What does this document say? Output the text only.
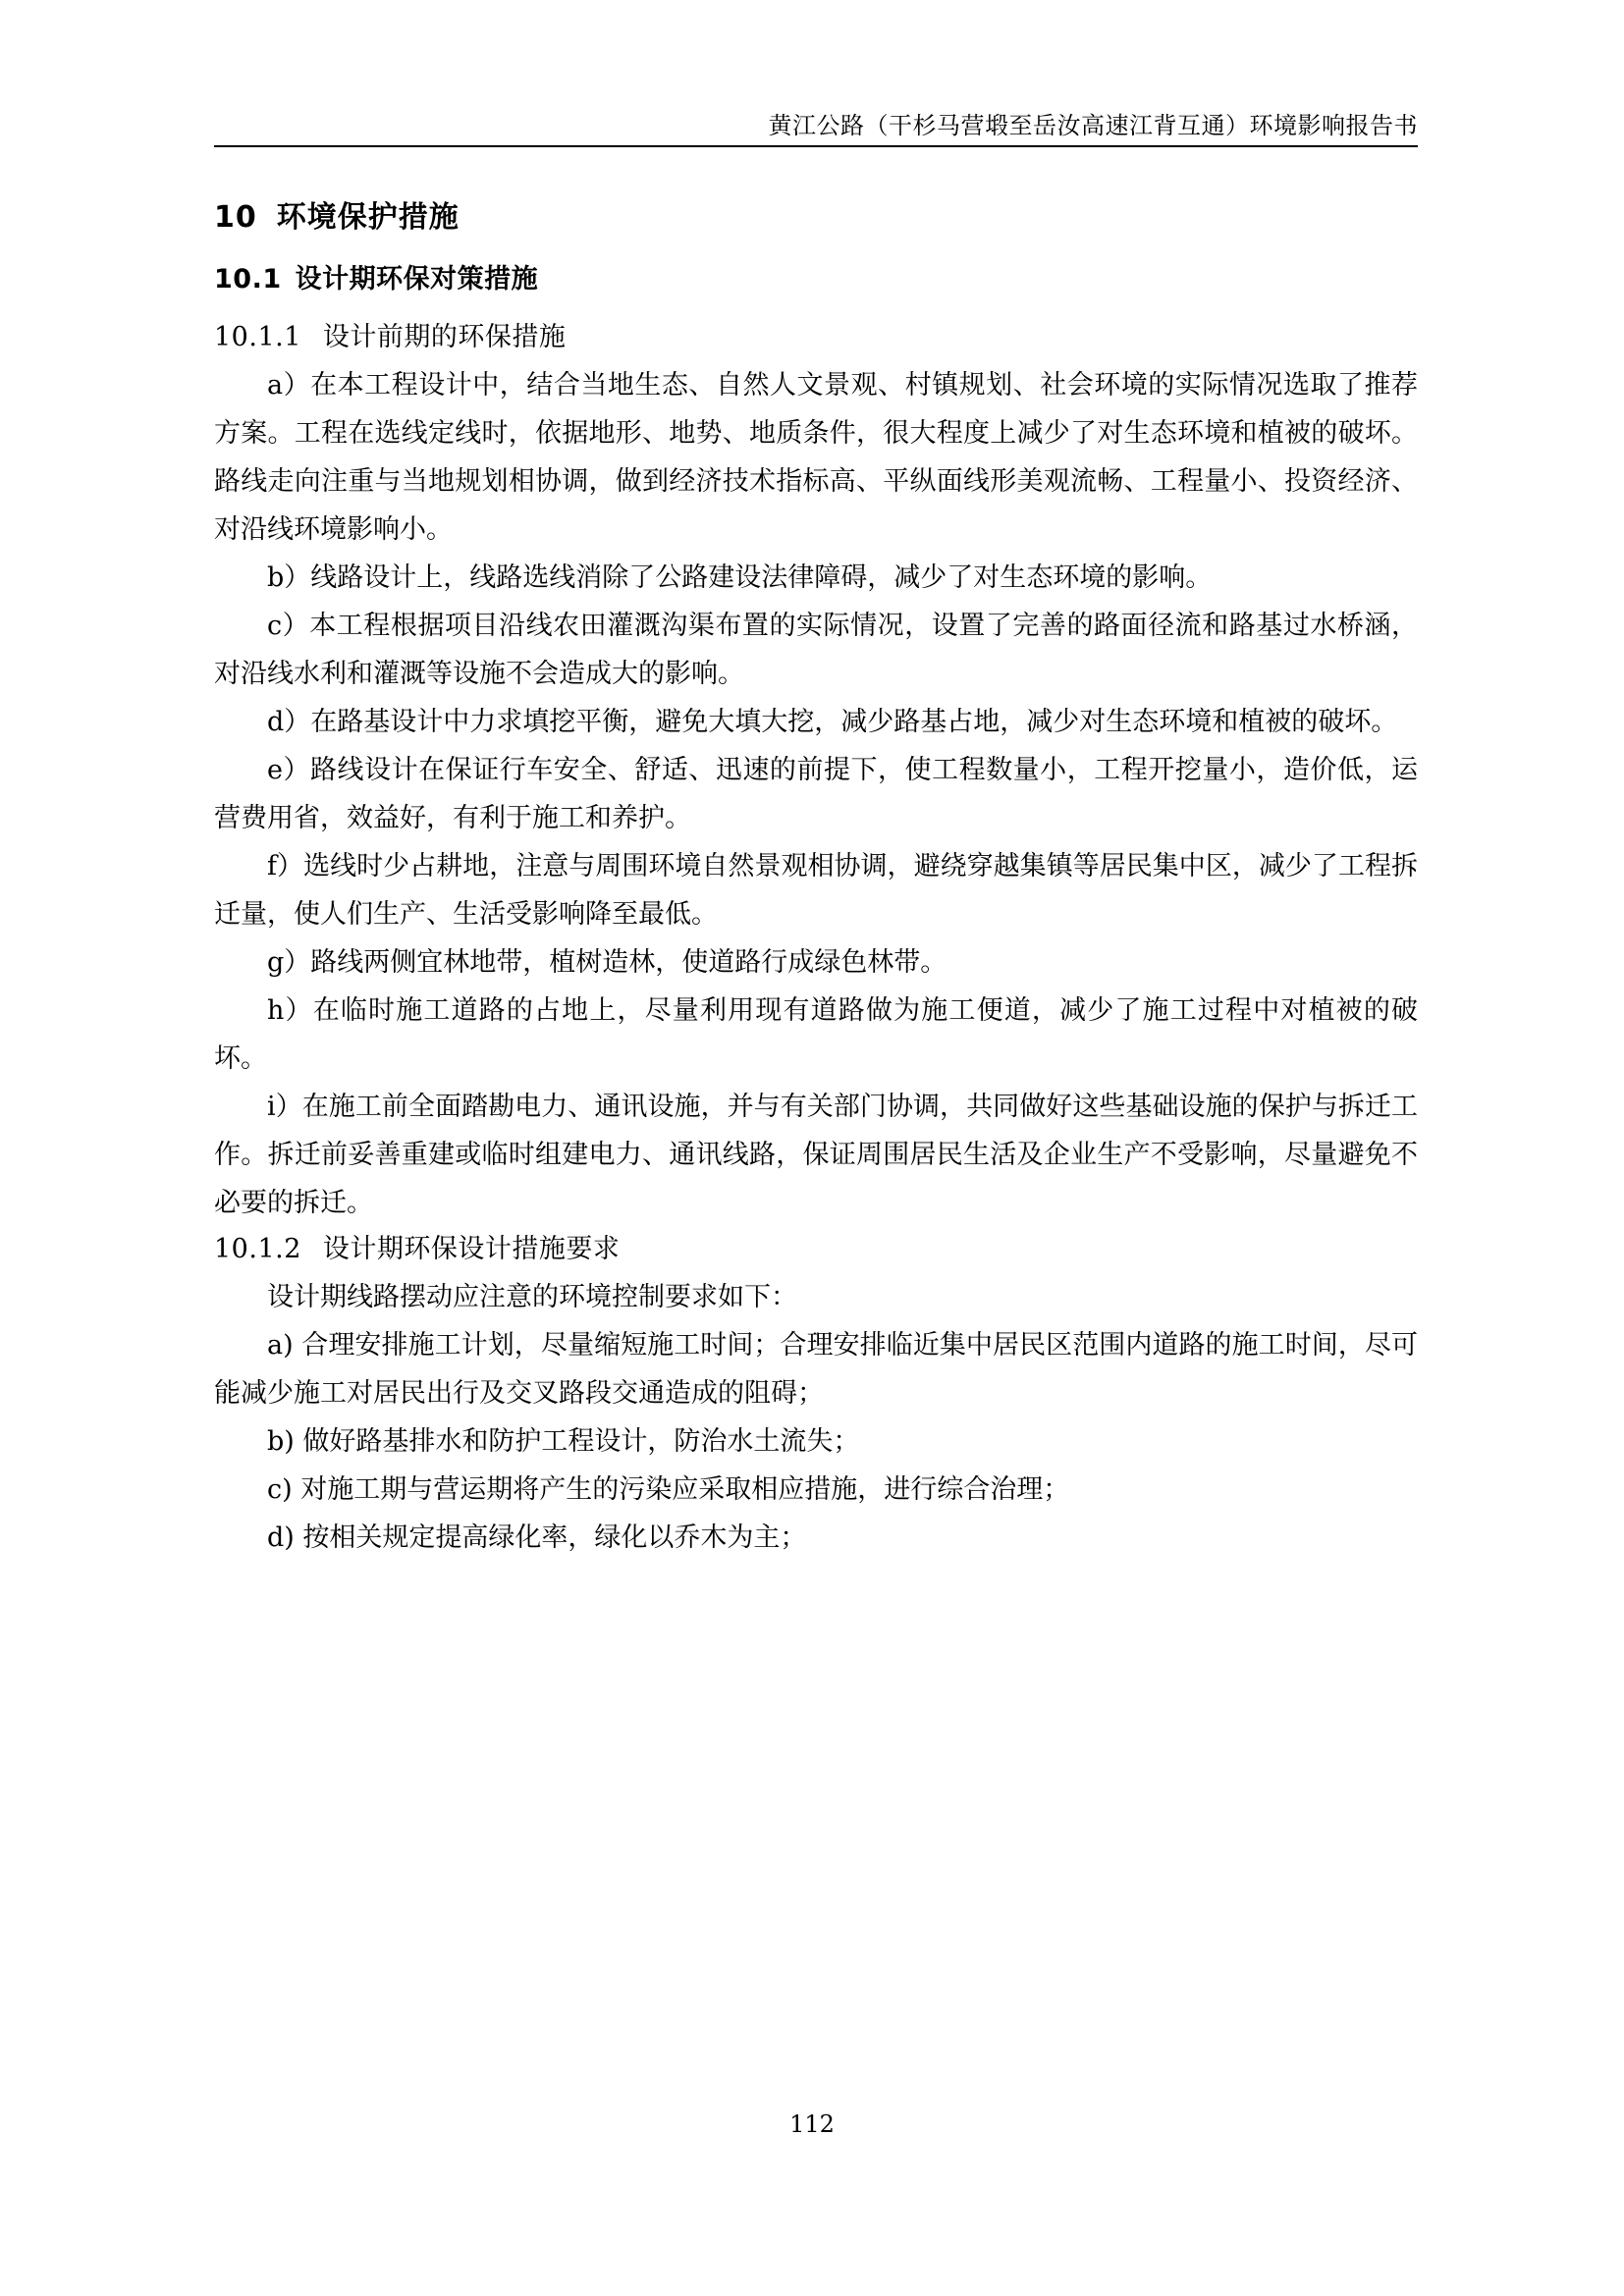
黄江公路（干杉马营塅至岳汝高速江背互通）环境影响报告书
10 环境保护措施
10.1 设计期环保对策措施
10.1.1 设计前期的环保措施

a）在本工程设计中，结合当地生态、自然人文景观、村镇规划、社会环境的实际情况选取了推荐方案。工程在选线定线时，依据地形、地势、地质条件，很大程度上减少了对生态环境和植被的破坏。路线走向注重与当地规划相协调，做到经济技术指标高、平纵面线形美观流畅、工程量小、投资经济、对沿线环境影响小。

b）线路设计上，线路选线消除了公路建设法律障碍，减少了对生态环境的影响。

c）本工程根据项目沿线农田灌溉沟渠布置的实际情况，设置了完善的路面径流和路基过水桥涵，对沿线水利和灌溉等设施不会造成大的影响。

d）在路基设计中力求填挖平衡，避免大填大挖，减少路基占地，减少对生态环境和植被的破坏。

e）路线设计在保证行车安全、舒适、迅速的前提下，使工程数量小，工程开挖量小，造价低，运营费用省，效益好，有利于施工和养护。

f）选线时少占耕地，注意与周围环境自然景观相协调，避绕穿越集镇等居民集中区，减少了工程拆迁量，使人们生产、生活受影响降至最低。

g）路线两侧宜林地带，植树造林，使道路行成绿色林带。

h）在临时施工道路的占地上，尽量利用现有道路做为施工便道，减少了施工过程中对植被的破坏。

i）在施工前全面踏勘电力、通讯设施，并与有关部门协调，共同做好这些基础设施的保护与拆迁工作。拆迁前妥善重建或临时组建电力、通讯线路，保证周围居民生活及企业生产不受影响，尽量避免不必要的拆迁。

10.1.2 设计期环保设计措施要求

设计期线路摆动应注意的环境控制要求如下：

a) 合理安排施工计划，尽量缩短施工时间；合理安排临近集中居民区范围内道路的施工时间，尽可能减少施工对居民出行及交叉路段交通造成的阻碍；

b) 做好路基排水和防护工程设计，防治水土流失；

c) 对施工期与营运期将产生的污染应采取相应措施，进行综合治理；

d) 按相关规定提高绿化率，绿化以乔木为主；

112
